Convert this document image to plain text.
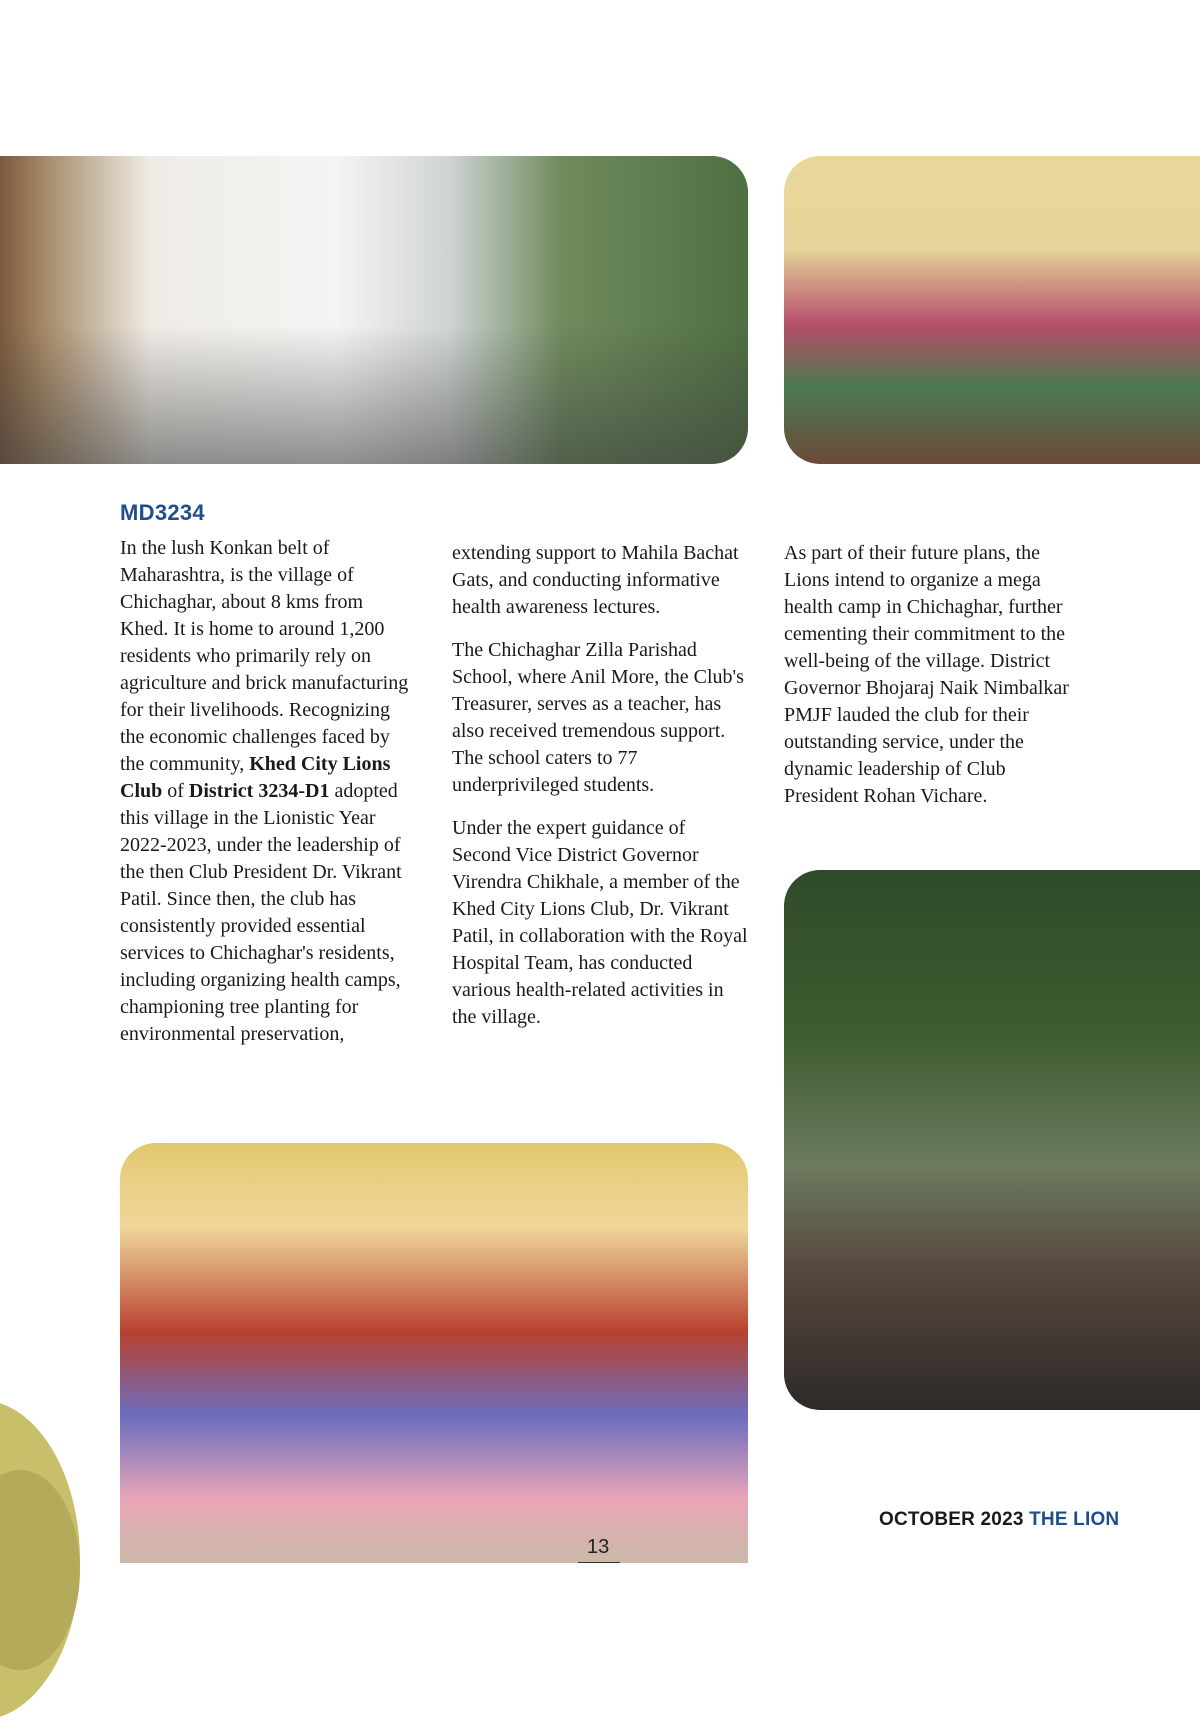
MD3234

In the lush Konkan belt of Maharashtra, is the village of Chichaghar, about 8 kms from Khed. It is home to around 1,200 residents who primarily rely on agriculture and brick manufacturing for their livelihoods. Recognizing the economic challenges faced by the community, Khed City Lions Club of District 3234-D1 adopted this village in the Lionistic Year 2022-2023, under the leadership of the then Club President Dr. Vikrant Patil. Since then, the club has consistently provided essential services to Chichaghar's residents, including organizing health camps, championing tree planting for environmental preservation,

extending support to Mahila Bachat Gats, and conducting informative health awareness lectures.

The Chichaghar Zilla Parishad School, where Anil More, the Club's Treasurer, serves as a teacher, has also received tremendous support. The school caters to 77 underprivileged students.

Under the expert guidance of Second Vice District Governor Virendra Chikhale, a member of the Khed City Lions Club, Dr. Vikrant Patil, in collaboration with the Royal Hospital Team, has conducted various health-related activities in the village.

As part of their future plans, the Lions intend to organize a mega health camp in Chichaghar, further cementing their commitment to the well-being of the village. District Governor Bhojaraj Naik Nimbalkar PMJF lauded the club for their outstanding service, under the dynamic leadership of Club President Rohan Vichare.

13
OCTOBER 2023 THE LION
